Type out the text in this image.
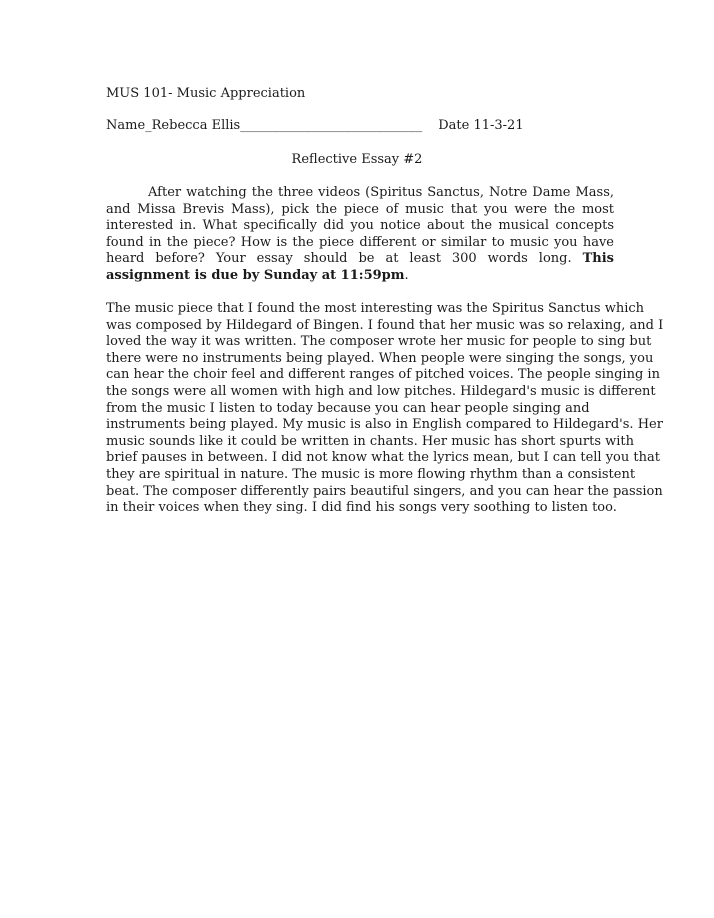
MUS 101- Music Appreciation
Name_Rebecca Ellis____________________________ Date 11-3-21
Reflective Essay #2
After watching the three videos (Spiritus Sanctus, Notre Dame Mass, and Missa Brevis Mass), pick the piece of music that you were the most interested in. What specifically did you notice about the musical concepts found in the piece? How is the piece different or similar to music you have heard before? Your essay should be at least 300 words long. This assignment is due by Sunday at 11:59pm.
The music piece that I found the most interesting was the Spiritus Sanctus which
was composed by Hildegard of Bingen. I found that her music was so relaxing, and I
loved the way it was written. The composer wrote her music for people to sing but
there were no instruments being played. When people were singing the songs, you
can hear the choir feel and different ranges of pitched voices. The people singing in
the songs were all women with high and low pitches. Hildegard's music is different
from the music I listen to today because you can hear people singing and
instruments being played. My music is also in English compared to Hildegard's. Her
music sounds like it could be written in chants. Her music has short spurts with
brief pauses in between. I did not know what the lyrics mean, but I can tell you that
they are spiritual in nature. The music is more flowing rhythm than a consistent
beat. The composer differently pairs beautiful singers, and you can hear the passion
in their voices when they sing. I did find his songs very soothing to listen too.
